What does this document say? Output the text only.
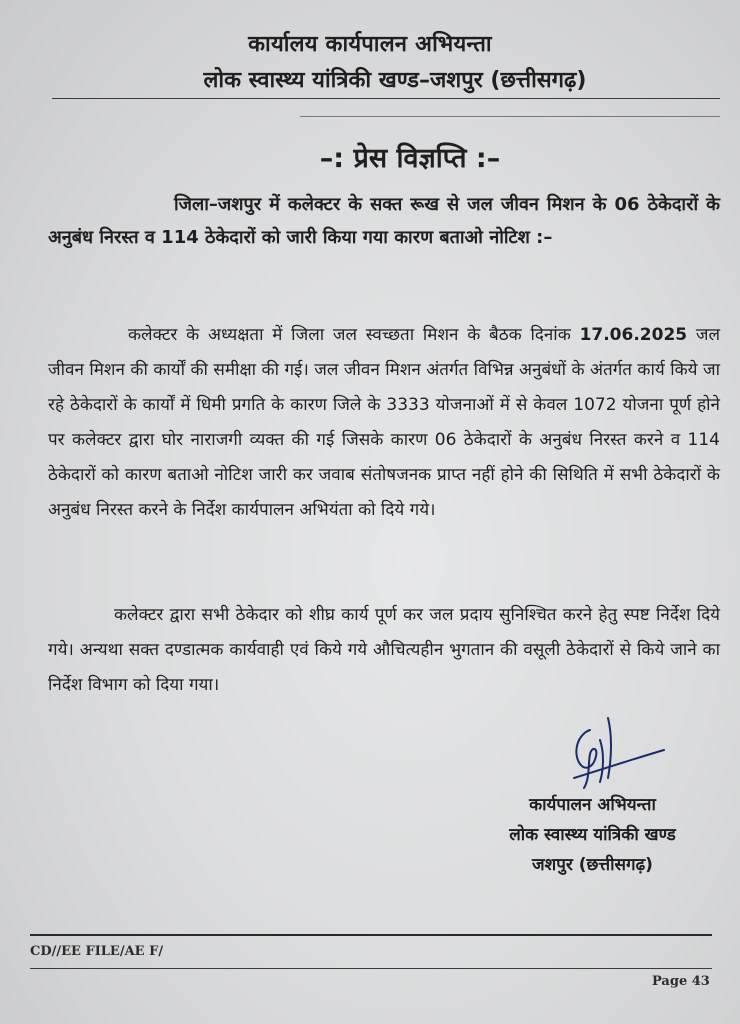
कार्यालय कार्यपालन अभियन्ता
लोक स्वास्थ्य यांत्रिकी खण्ड–जशपुर (छत्तीसगढ़)
–: प्रेस विज्ञप्ति :–
जिला–जशपुर में कलेक्टर के सक्त रूख से जल जीवन मिशन के 06 ठेकेदारों के अनुबंध निरस्त व 114 ठेकेदारों को जारी किया गया कारण बताओ नोटिश :–
कलेक्टर के अध्यक्षता में जिला जल स्वच्छता मिशन के बैठक दिनांक 17.06.2025 जल जीवन मिशन की कार्यों की समीक्षा की गई। जल जीवन मिशन अंतर्गत विभिन्न अनुबंधों के अंतर्गत कार्य किये जा रहे ठेकेदारों के कार्यों में धिमी प्रगति के कारण जिले के 3333 योजनाओं में से केवल 1072 योजना पूर्ण होने पर कलेक्टर द्वारा घोर नाराजगी व्यक्त की गई जिसके कारण 06 ठेकेदारों के अनुबंध निरस्त करने व 114 ठेकेदारों को कारण बताओ नोटिश जारी कर जवाब संतोषजनक प्राप्त नहीं होने की सिथिति में सभी ठेकेदारों के अनुबंध निरस्त करने के निर्देश कार्यपालन अभियंता को दिये गये।
कलेक्टर द्वारा सभी ठेकेदार को शीघ्र कार्य पूर्ण कर जल प्रदाय सुनिश्चित करने हेतु स्पष्ट निर्देश दिये गये। अन्यथा सक्त दण्डात्मक कार्यवाही एवं किये गये औचित्यहीन भुगतान की वसूली ठेकेदारों से किये जाने का निर्देश विभाग को दिया गया।
कार्यपालन अभियन्ता
लोक स्वास्थ्य यांत्रिकी खण्ड
जशपुर (छत्तीसगढ़)
CD//EE FILE/AE F/
Page 43
